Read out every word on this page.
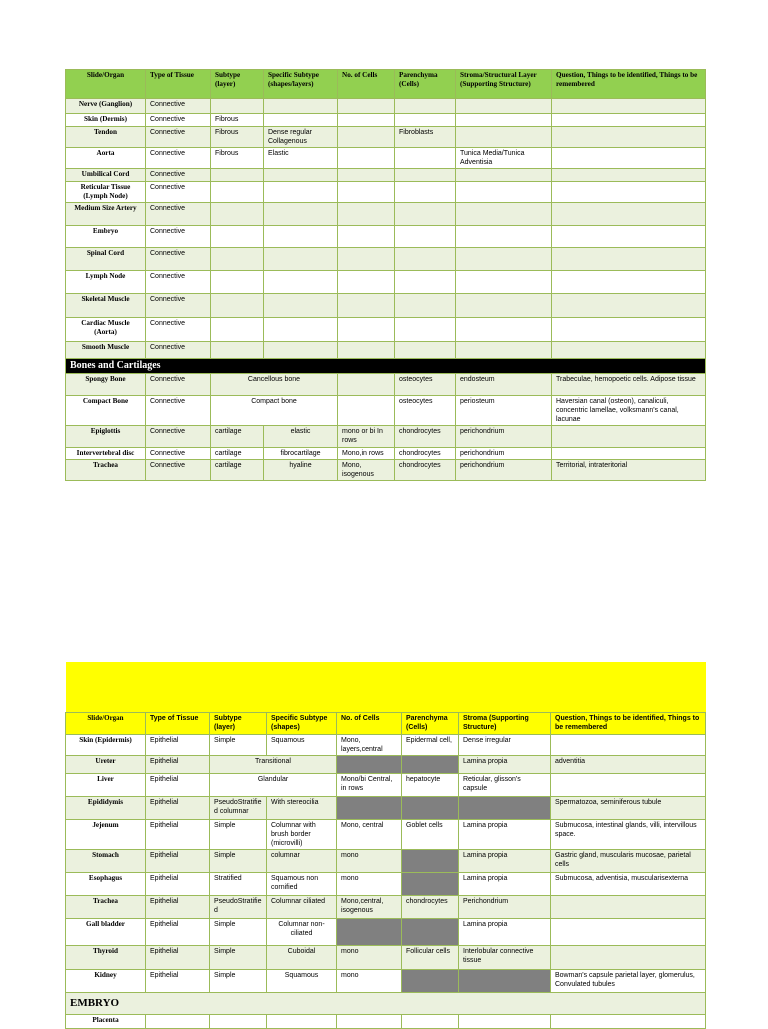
Slide/Organ	Type of Tissue	Subtype (layer)	Specific Subtype (shapes/layers)	No. of Cells	Parenchyma (Cells)	Stroma/Structural Layer (Supporting Structure)	Question, Things to be identified, Things to be remembered
Nerve (Ganglion)	Connective						
Skin (Dermis)	Connective	Fibrous					
Tendon	Connective	Fibrous	Dense regular Collagenous		Fibroblasts		
Aorta	Connective	Fibrous	Elastic			Tunica Media/Tunica Adventisia	
Umbilical Cord	Connective						
Reticular Tissue (Lymph Node)	Connective						
Medium Size Artery	Connective						
Embryo	Connective						
Spinal Cord	Connective						
Lymph Node	Connective						
Skeletal Muscle	Connective						
Cardiac Muscle (Aorta)	Connective						
Smooth Muscle	Connective						
Bones and Cartilages							
Spongy Bone	Connective	Cancellous bone			osteocytes	endosteum	Trabeculae, hemopoetic cells. Adipose tissue
Compact Bone	Connective	Compact bone			osteocytes	periosteum	Haversian canal (osteon), canaliculi, concentric lamellae, volksmann's canal, lacunae
Epiglottis	Connective	cartilage	elastic	mono or bi In rows	chondrocytes	perichondrium	
Intervertebral disc	Connective	cartilage	fibrocartilage	Mono,in rows	chondrocytes	perichondrium	
Trachea	Connective	cartilage	hyaline	Mono, isogenous	chondrocytes	perichondrium	Territorial, intrateritorial

Slide/Organ	Type of Tissue	Subtype (layer)	Specific Subtype (shapes)	No. of Cells	Parenchyma (Cells)	Stroma (Supporting Structure)	Question, Things to be identified, Things to be remembered
Skin (Epidermis)	Epithelial	Simple	Squamous	Mono, layers,central	Epidermal cell,	Dense irregular	
Ureter	Epithelial	Transitional				Lamina propia	adventitia
Liver	Epithelial	Glandular		Mono/bi Central, in rows	hepatocyte	Reticular, glisson's capsule	
Epididymis	Epithelial	PseudoStratified columnar	With stereocilia				Spermatozoa, seminiferous tubule
Jejenum	Epithelial	Simple	Columnar with brush border (microvilli)	Mono, central	Goblet cells	Lamina propia	Submucosa, intestinal glands, villi, intervillous space.
Stomach	Epithelial	Simple	columnar	mono		Lamina propia	Gastric gland, muscularis mucosae, parietal cells
Esophagus	Epithelial	Stratified	Squamous non cornified	mono		Lamina propia	Submucosa, adventisia, muscularisexterna
Trachea	Epithelial	PseudoStratified	Columnar ciliated	Mono,central, isogenous	chondrocytes	Perichondrium	
Gall bladder	Epithelial	Simple	Columnar non-ciliated			Lamina propia	
Thyroid	Epithelial	Simple	Cuboidal	mono	Follicular cells	Interlobular connective tissue	
Kidney	Epithelial	Simple	Squamous	mono			Bowman's capsule parietal layer, glomerulus, Convulated tubules
EMBRYO							
Placenta							
